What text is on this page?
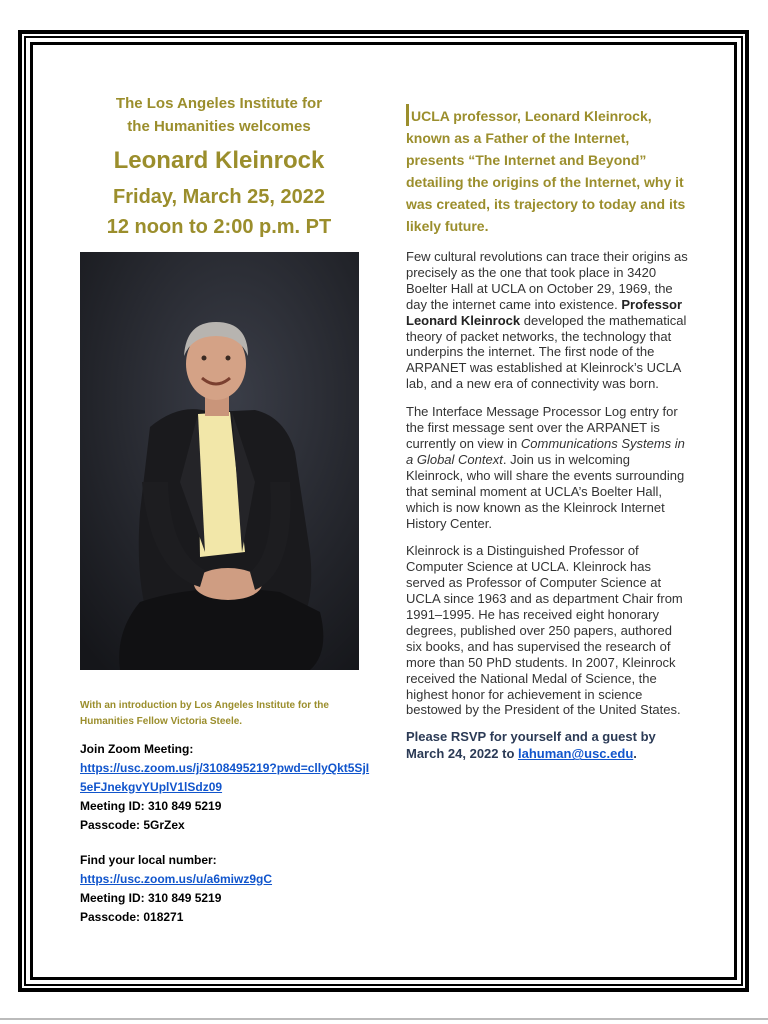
The Los Angeles Institute for
the Humanities welcomes
Leonard Kleinrock
Friday, March 25, 2022
12 noon to 2:00 p.m. PT
With an introduction by Los Angeles Institute for the Humanities Fellow Victoria Steele.
Join Zoom Meeting:
https://usc.zoom.us/j/3108495219?pwd=cllyQkt5SjI5eFJnekgvYUplV1lSdz09
Meeting ID: 310 849 5219
Passcode: 5GrZex
Find your local number:
https://usc.zoom.us/u/a6miwz9gC
Meeting ID: 310 849 5219
Passcode: 018271
UCLA professor, Leonard Kleinrock, known as a Father of the Internet, presents “The Internet and Beyond” detailing the origins of the Internet, why it was created, its trajectory to today and its likely future.

Few cultural revolutions can trace their origins as precisely as the one that took place in 3420 Boelter Hall at UCLA on October 29, 1969, the day the internet came into existence. Professor Leonard Kleinrock developed the mathematical theory of packet networks, the technology that underpins the internet. The first node of the ARPANET was established at Kleinrock’s UCLA lab, and a new era of connectivity was born.

The Interface Message Processor Log entry for the first message sent over the ARPANET is currently on view in Communications Systems in a Global Context. Join us in welcoming Kleinrock, who will share the events surrounding that seminal moment at UCLA’s Boelter Hall, which is now known as the Kleinrock Internet History Center.

Kleinrock is a Distinguished Professor of Computer Science at UCLA. Kleinrock has served as Professor of Computer Science at UCLA since 1963 and as department Chair from 1991–1995. He has received eight honorary degrees, published over 250 papers, authored six books, and has supervised the research of more than 50 PhD students. In 2007, Kleinrock received the National Medal of Science, the highest honor for achievement in science bestowed by the President of the United States.

Please RSVP for yourself and a guest by March 24, 2022 to lahuman@usc.edu.
